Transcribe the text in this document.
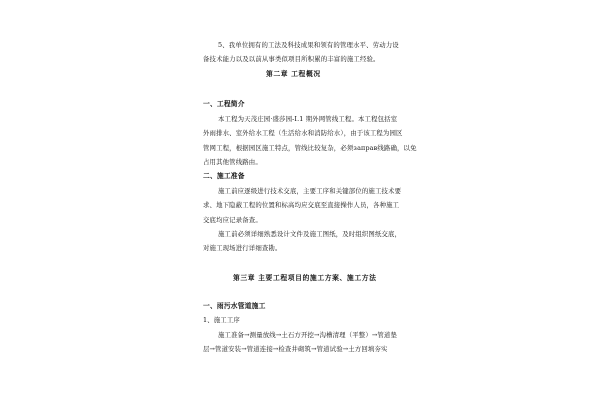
5、我单位拥有的工法及科技成果和领有的管理水平、劳动力设
备技术能力以及以前从事类似项目所积累的丰富的施工经验。
第二章 工程概况
一、工程简介
本工程为天茂庄园·盛莎园-Ⅰ.1 期外网管线工程。本工程包括室
外雨排水、室外给水工程（生活给水和消防给水），由于该工程为园区
管网工程，根据园区施工特点，管线比较复杂，必须заправ线路确，以免
占用其他管线路由。
二、施工准备
施工前应逐级进行技术交底，主要工序和关键部位的施工技术要
求、地下隐蔽工程的位置和标高均应交底至直接操作人员，各种施工
交底均应记录备查。
施工前必须详细熟悉设计文件及施工图纸，及时组织图纸交底，
对施工现场进行详细查勘。
第三章 主要工程项目的施工方案、施工方法
一、雨污水管道施工
1、施工工序
施工准备→测量放线→土石方开挖→沟槽清理（平整）→管道垫
层→管道安装→管道连接→检查井砌筑→管道试验→土方回填夯实
